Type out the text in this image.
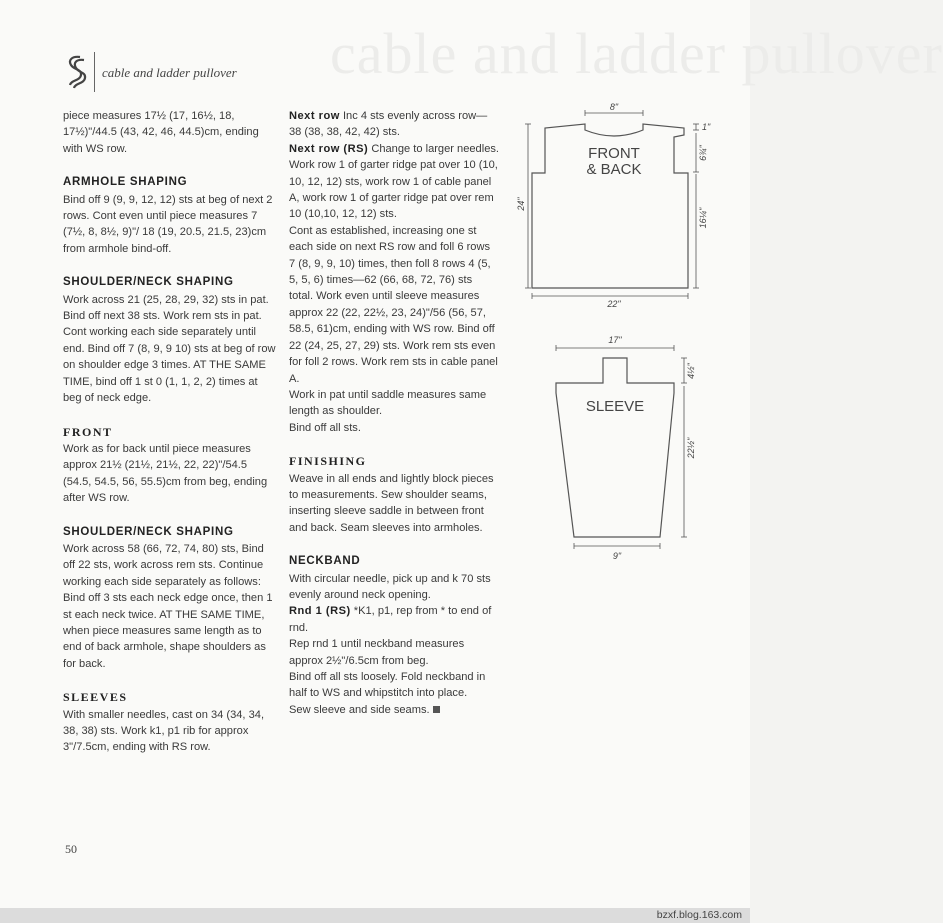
cable and ladder pullover
cable and ladder pullover

piece measures 17½ (17, 16½, 18, 17½)"/44.5 (43, 42, 46, 44.5)cm, ending with WS row.

ARMHOLE SHAPING

Bind off 9 (9, 9, 12, 12) sts at beg of next 2 rows. Cont even until piece measures 7 (7½, 8, 8½, 9)"/ 18 (19, 20.5, 21.5, 23)cm from armhole bind-off.

SHOULDER/NECK SHAPING

Work across 21 (25, 28, 29, 32) sts in pat. Bind off next 38 sts. Work rem sts in pat. Cont working each side separately until end. Bind off 7 (8, 9, 9 10) sts at beg of row on shoulder edge 3 times. AT THE SAME TIME, bind off 1 st 0 (1, 1, 2, 2) times at beg of neck edge.

FRONT

Work as for back until piece measures approx 21½ (21½, 21½, 22, 22)"/54.5 (54.5, 54.5, 56, 55.5)cm from beg, ending after WS row.

SHOULDER/NECK SHAPING

Work across 58 (66, 72, 74, 80) sts, Bind off 22 sts, work across rem sts. Continue working each side separately as follows: Bind off 3 sts each neck edge once, then 1 st each neck twice. AT THE SAME TIME, when piece measures same length as to end of back armhole, shape shoulders as for back.

SLEEVES

With smaller needles, cast on 34 (34, 34, 38, 38) sts. Work k1, p1 rib for approx 3"/7.5cm, ending with RS row.

Next row Inc 4 sts evenly across row—38 (38, 38, 42, 42) sts.

Next row (RS) Change to larger needles. Work row 1 of garter ridge pat over 10 (10, 10, 12, 12) sts, work row 1 of cable panel A, work row 1 of garter ridge pat over rem 10 (10,10, 12, 12) sts.

Cont as established, increasing one st each side on next RS row and foll 6 rows 7 (8, 9, 9, 10) times, then foll 8 rows 4 (5, 5, 5, 6) times—62 (66, 68, 72, 76) sts total. Work even until sleeve measures approx 22 (22, 22½, 23, 24)"/56 (56, 57, 58.5, 61)cm, ending with WS row. Bind off 22 (24, 25, 27, 29) sts. Work rem sts even for foll 2 rows. Work rem sts in cable panel A.

Work in pat until saddle measures same length as shoulder.

Bind off all sts.

FINISHING

Weave in all ends and lightly block pieces to measurements. Sew shoulder seams, inserting sleeve saddle in between front and back. Seam sleeves into armholes.

NECKBAND

With circular needle, pick up and k 70 sts evenly around neck opening.

Rnd 1 (RS) *K1, p1, rep from * to end of rnd.

Rep rnd 1 until neckband measures approx 2½"/6.5cm from beg.

Bind off all sts loosely. Fold neckband in half to WS and whipstitch into place.

Sew sleeve and side seams.

FRONT
& BACK
8"
1"
6¾"
16¼"
24"
22"
SLEEVE
17"
4½"
22½"
9"
50
bzxf.blog.163.com
